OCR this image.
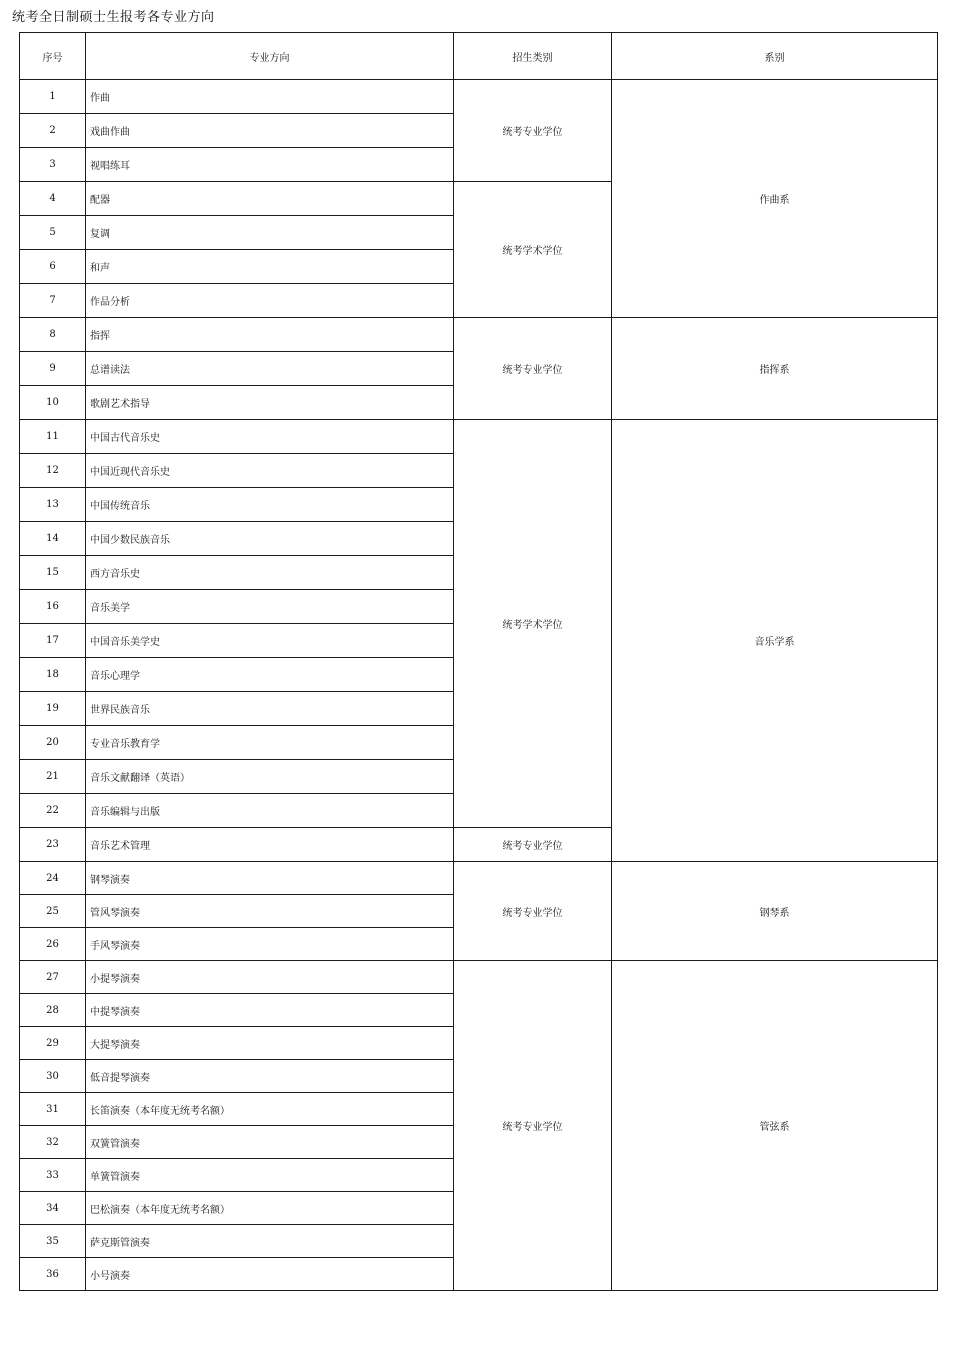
统考全日制硕士生报考各专业方向
序号	专业方向	招生类别	系别
1	作曲	统考专业学位	作曲系
2	戏曲作曲		
3	视唱练耳		
4	配器	统考学术学位	
5	复调		
6	和声		
7	作品分析		
8	指挥	统考专业学位	指挥系
9	总谱读法		
10	歌剧艺术指导		
11	中国古代音乐史	统考学术学位	音乐学系
12	中国近现代音乐史		
13	中国传统音乐		
14	中国少数民族音乐		
15	西方音乐史		
16	音乐美学		
17	中国音乐美学史		
18	音乐心理学		
19	世界民族音乐		
20	专业音乐教育学		
21	音乐文献翻译（英语）		
22	音乐编辑与出版		
23	音乐艺术管理	统考专业学位	
24	钢琴演奏	统考专业学位	钢琴系
25	管风琴演奏		
26	手风琴演奏		
27	小提琴演奏	统考专业学位	管弦系
28	中提琴演奏		
29	大提琴演奏		
30	低音提琴演奏		
31	长笛演奏（本年度无统考名额）		
32	双簧管演奏		
33	单簧管演奏		
34	巴松演奏（本年度无统考名额）		
35	萨克斯管演奏		
36	小号演奏		
